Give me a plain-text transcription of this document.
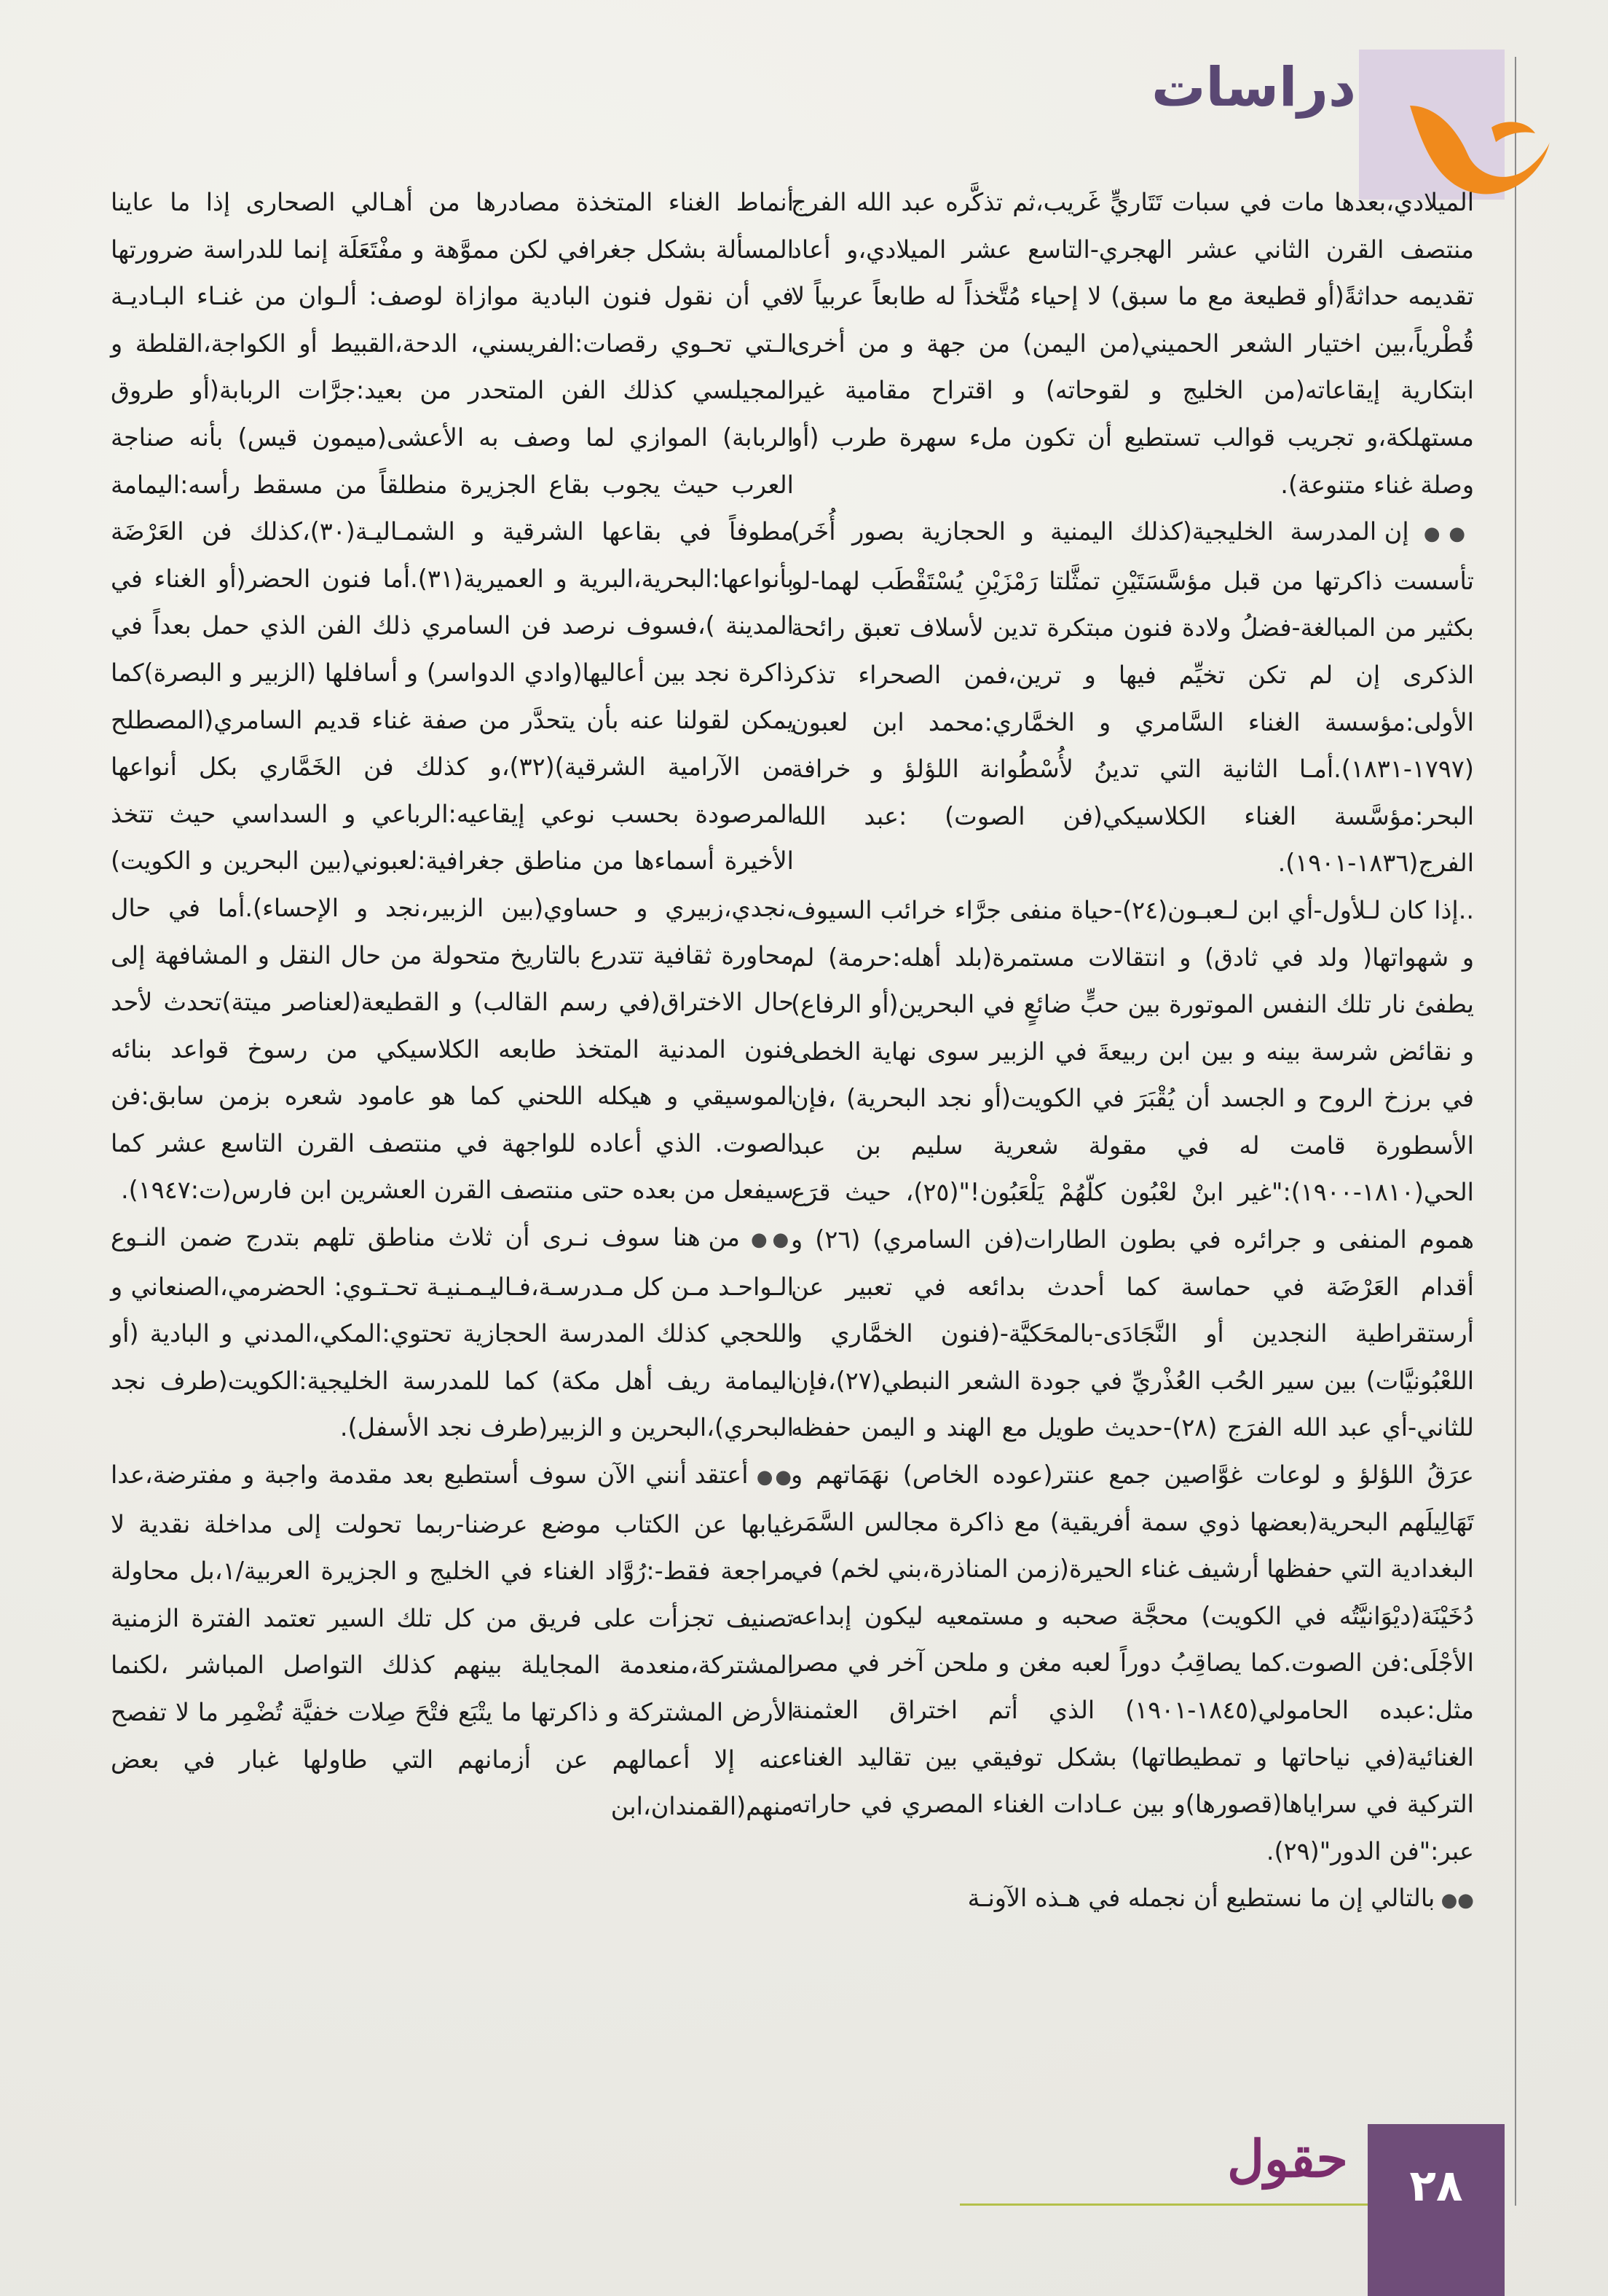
دراسات

الميلادي،بعدها مات في سبات تَتَاريٍّ غَريب،ثم تذكَّره عبد الله الفرج منتصف القرن الثاني عشر الهجري-التاسع عشر الميلادي،و أعاد تقديمه حداثةً(أو قطيعة مع ما سبق) لا إحياء مُتَّخذاً له طابعاً عربياً لا قُطْرياً،بين اختيار الشعر الحميني(من اليمن) من جهة و من أخرى ابتكارية إيقاعاته(من الخليج و لقوحاته) و اقتراح مقامية غير مستهلكة،و تجريب قوالب تستطيع أن تكون ملء سهرة طرب (أو وصلة غناء متنوعة).

●● إن المدرسة الخليجية(كذلك اليمنية و الحجازية بصور أُخَر) تأسست ذاكرتها من قبل مؤسَّسَتَيْنِ تمثَّلتا رَمْزَيْنِ يُسْتَقْطَب لهما-لو بكثير من المبالغة-فضلُ ولادة فنون مبتكرة تدين لأسلاف تعبق رائحة الذكرى إن لم تكن تخيِّم فيها و ترين،فمن الصحراء تذكر الأولى:مؤسسة الغناء السَّامري و الخمَّاري:محمد ابن لعبون (١٧٩٧-١٨٣١).أمـا الثانية التي تدينُ لأُسْطُوانة اللؤلؤ و خرافة البحر:مؤسَّسة الغناء الكلاسيكي(فن الصوت) :عبد الله الفرج(١٨٣٦-١٩٠١).

..إذا كان لـلأول-أي ابن لـعبـون(٢٤)-حياة منفى جرَّاء خرائب السيوف و شهواتها( ولد في ثادق) و انتقالات مستمرة(بلد أهله:حرمة) لم يطفئ نار تلك النفس الموتورة بين حبٍّ ضائعٍ في البحرين(أو الرفاع) و نقائض شرسة بينه و بين ابن ربيعةَ في الزبير سوى نهاية الخطى في برزخ الروح و الجسد أن يُقْبَرَ في الكويت(أو نجد البحرية) ،فإن الأسطورة قامت له في مقولة شعرية سليم بن عبد الحي(١٨١٠-١٩٠٠):"غير ابنْ لعْبُون كلّهُمْ يَلْعَبُون!"(٢٥)، حيث قرَع هموم المنفى و جرائره في بطون الطارات(فن السامري) (٢٦) و أقدام العَرْضَة في حماسة كما أحدث بدائعه في تعبير عن أرستقراطية النجدين أو النَّجَادَى-بالمحَكيَّة-(فنون الخمَّاري و اللعْبُونيَّات) بين سير الحُب العُذْريِّ في جودة الشعر النبطي(٢٧)،فإن للثاني-أي عبد الله الفرَج (٢٨)-حديث طويل مع الهند و اليمن حفظه عرَقُ اللؤلؤ و لوعات غوَّاصين جمع عنتر(عوده الخاص) نهَمَاتهم و تَهَالِيلَهم البحرية(بعضها ذوي سمة أفريقية) مع ذاكرة مجالس السَّمَر البغدادية التي حفظها أرشيف غناء الحيرة(زمن المناذرة،بني لخم) في دُخَيْنَة(ديْوَانيَّتُه في الكويت) محجَّة صحبه و مستمعيه ليكون إبداعه الأجْلَى:فن الصوت.كما يصاقِبُ دوراً لعبه مغن و ملحن آخر في مصر مثل:عبده الحامولي(١٨٤٥-١٩٠١) الذي أتم اختراق العثمنة الغنائية(في نياحاتها و تمطيطاتها) بشكل توفيقي بين تقاليد الغناء التركية في سراياها(قصورها)و بين عـادات الغناء المصري في حاراته عبر:"فن الدور"(٢٩).

●● بالتالي إن ما نستطيع أن نجمله في هـذه الآونـة

أنماط الغناء المتخذة مصادرها من أهـالي الصحارى إذا ما عاينا المسألة بشكل جغرافي لكن مموَّهة و مفْتَعَلَة إنما للدراسة ضرورتها في أن نقول فنون البادية موازاة لوصف: ألـوان من غنـاء البـاديـة الـتي تحـوي رقصات:الفريسني، الدحة،القبيط أو الكواجة،القلطة و المجيلسي كذلك الفن المتحدر من بعيد:جرَّات الربابة(أو طروق الربابة) الموازي لما وصف به الأعشى(ميمون قيس) بأنه صناجة العرب حيث يجوب بقاع الجزيرة منطلقاً من مسقط رأسه:اليمامة مطوفاً في بقاعها الشرقية و الشمـاليـة(٣٠)،كذلك فن العَرْضَة بأنواعها:البحرية،البرية و العميرية(٣١).أما فنون الحضر(أو الغناء في المدينة )،فسوف نرصد فن السامري ذلك الفن الذي حمل بعداً في ذاكرة نجد بين أعاليها(وادي الدواسر) و أسافلها (الزبير و البصرة)كما يمكن لقولنا عنه بأن يتحدَّر من صفة غناء قديم السامري(المصطلح من الآرامية الشرقية)(٣٢)،و كذلك فن الخَمَّاري بكل أنواعها المرصودة بحسب نوعي إيقاعيه:الرباعي و السداسي حيث تتخذ الأخيرة أسماءها من مناطق جغرافية:لعبوني(بين البحرين و الكويت) ،نجدي،زبيري و حساوي(بين الزبير،نجد و الإحساء).أما في حال محاورة ثقافية تتدرع بالتاريخ متحولة من حال النقل و المشافهة إلى حال الاختراق(في رسم القالب) و القطيعة(لعناصر ميتة)تحدث لأحد فنون المدنية المتخذ طابعه الكلاسيكي من رسوخ قواعد بنائه الموسيقي و هيكله اللحني كما هو عامود شعره بزمن سابق:فن الصوت. الذي أعاده للواجهة في منتصف القرن التاسع عشر كما سيفعل من بعده حتى منتصف القرن العشرين ابن فارس(ت:١٩٤٧).

●● من هنا سوف نـرى أن ثلاث مناطق تلهم بتدرج ضمن النـوع الـواحـد مـن كل مـدرسـة،فـاليـمـنيـة تحـتـوي: الحضرمي،الصنعاني و اللحجي كذلك المدرسة الحجازية تحتوي:المكي،المدني و البادية (أو اليمامة ريف أهل مكة) كما للمدرسة الخليجية:الكويت(طرف نجد البحري)،البحرين و الزبير(طرف نجد الأسفل).

●● أعتقد أنني الآن سوف أستطيع بعد مقدمة واجبة و مفترضة،عدا غيابها عن الكتاب موضع عرضنا-ربما تحولت إلى مداخلة نقدية لا مراجعة فقط-:رُوَّاد الغناء في الخليج و الجزيرة العربية/١،بل محاولة تصنيف تجزأت على فريق من كل تلك السير تعتمد الفترة الزمنية المشتركة،منعدمة المجايلة بينهم كذلك التواصل المباشر ،لكنما الأرض المشتركة و ذاكرتها ما يتْبَع فتْحَ صِلات خفيَّة تُضْمِر ما لا تفصح عنه إلا أعمالهم عن أزمانهم التي طاولها غبار في بعض منهم(القمندان،ابن

حقول ٢٨
